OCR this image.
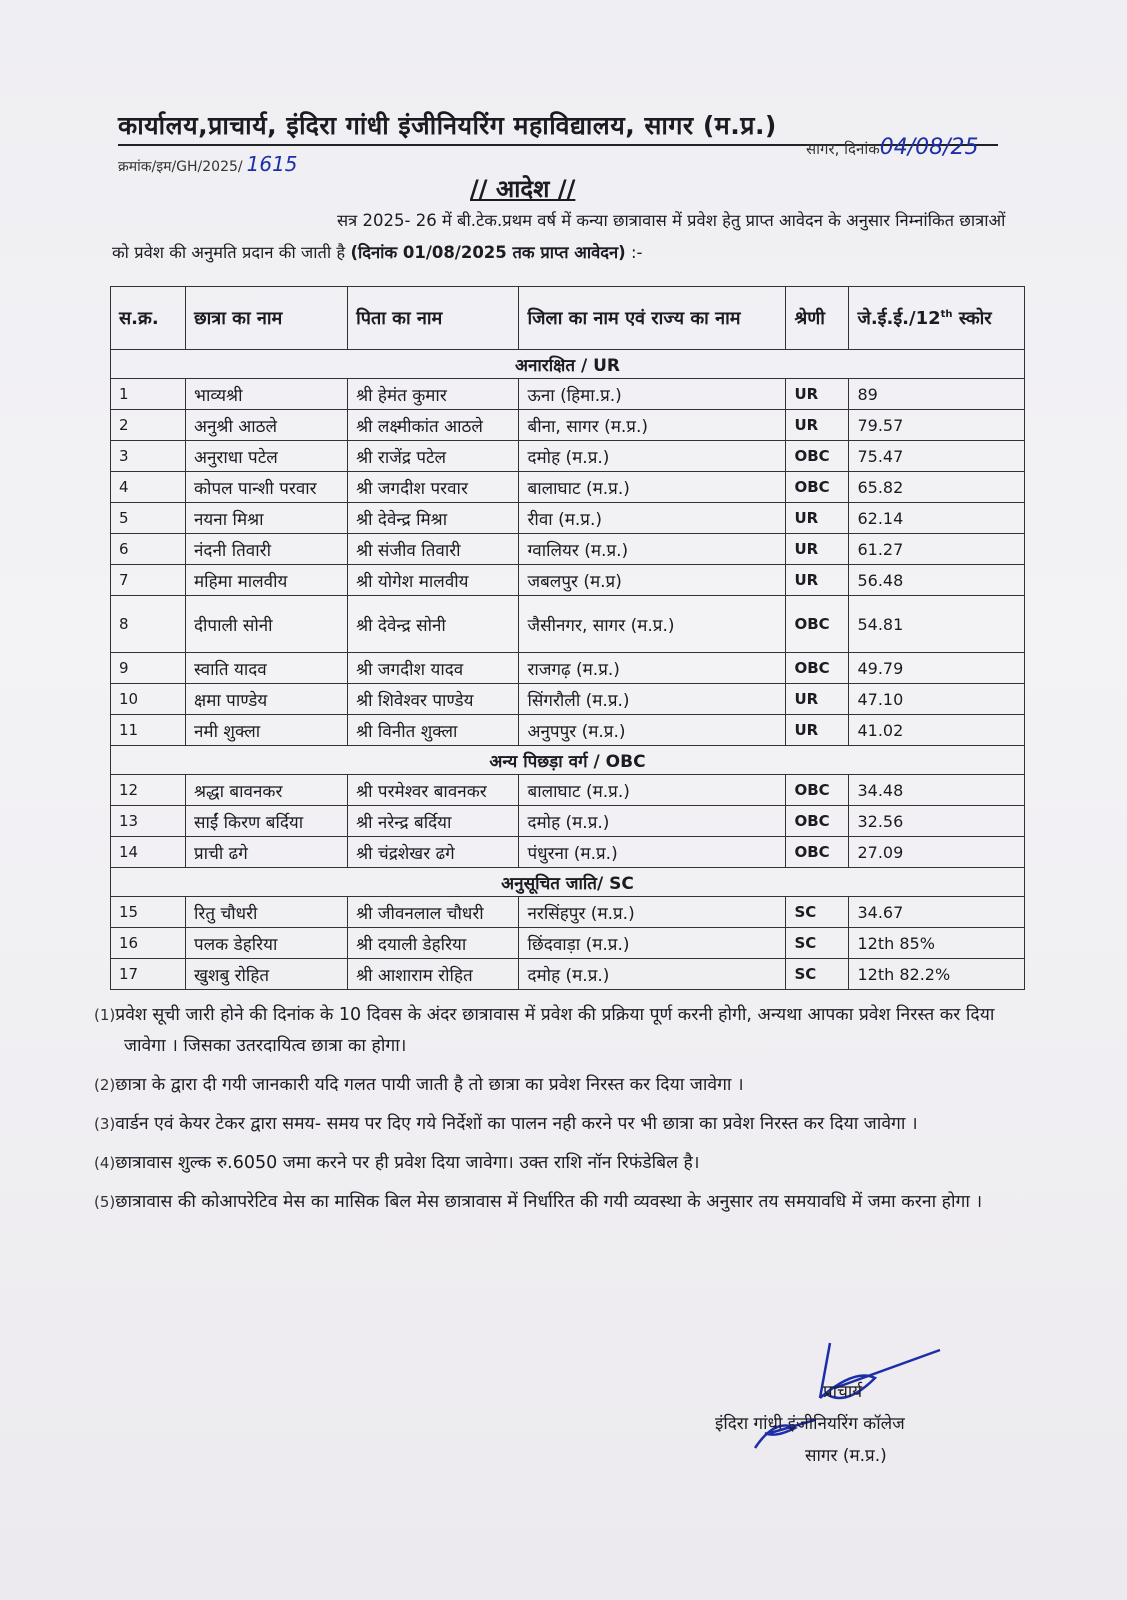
कार्यालय,प्राचार्य, इंदिरा गांधी इंजीनियरिंग महाविद्यालय, सागर (म.प्र.)
क्रमांक/इम/GH/2025/ 1615
सागर, दिनांक04/08/25
// आदेश //
सत्र 2025- 26 में बी.टेक.प्रथम वर्ष में कन्या छात्रावास में प्रवेश हेतु प्राप्त आवेदन के अनुसार निम्नांकित छात्राओं को प्रवेश की अनुमति प्रदान की जाती है (दिनांक 01/08/2025 तक प्राप्त आवेदन) :-
स.क्र.	छात्रा का नाम	पिता का नाम	जिला का नाम एवं राज्य का नाम	श्रेणी	जे.ई.ई./12th स्कोर
अनारक्षित / UR					
1	भाव्यश्री	श्री हेमंत कुमार	ऊना (हिमा.प्र.)	UR	89
2	अनुश्री आठले	श्री लक्ष्मीकांत आठले	बीना, सागर (म.प्र.)	UR	79.57
3	अनुराधा पटेल	श्री राजेंद्र पटेल	दमोह (म.प्र.)	OBC	75.47
4	कोपल पान्शी परवार	श्री जगदीश परवार	बालाघाट (म.प्र.)	OBC	65.82
5	नयना मिश्रा	श्री देवेन्द्र मिश्रा	रीवा (म.प्र.)	UR	62.14
6	नंदनी तिवारी	श्री संजीव तिवारी	ग्वालियर (म.प्र.)	UR	61.27
7	महिमा मालवीय	श्री योगेश मालवीय	जबलपुर (म.प्र)	UR	56.48
8	दीपाली सोनी	श्री देवेन्द्र सोनी	जैसीनगर, सागर (म.प्र.)	OBC	54.81
9	स्वाति यादव	श्री जगदीश यादव	राजगढ़ (म.प्र.)	OBC	49.79
10	क्षमा पाण्डेय	श्री शिवेश्वर पाण्डेय	सिंगरौली (म.प्र.)	UR	47.10
11	नमी शुक्ला	श्री विनीत शुक्ला	अनुपपुर (म.प्र.)	UR	41.02
अन्य पिछड़ा वर्ग / OBC					
12	श्रद्धा बावनकर	श्री परमेश्वर बावनकर	बालाघाट (म.प्र.)	OBC	34.48
13	साईं किरण बर्दिया	श्री नरेन्द्र बर्दिया	दमोह (म.प्र.)	OBC	32.56
14	प्राची ढगे	श्री चंद्रशेखर ढगे	पंधुरना (म.प्र.)	OBC	27.09
अनुसूचित जाति/ SC					
15	रितु चौधरी	श्री जीवनलाल चौधरी	नरसिंहपुर (म.प्र.)	SC	34.67
16	पलक डेहरिया	श्री दयाली डेहरिया	छिंदवाड़ा (म.प्र.)	SC	12th 85%
17	खुशबु रोहित	श्री आशाराम रोहित	दमोह (म.प्र.)	SC	12th 82.2%
(1)प्रवेश सूची जारी होने की दिनांक के 10 दिवस के अंदर छात्रावास में प्रवेश की प्रक्रिया पूर्ण करनी होगी, अन्यथा आपका प्रवेश निरस्त कर दिया जावेगा । जिसका उतरदायित्व छात्रा का होगा।
(2)छात्रा के द्वारा दी गयी जानकारी यदि गलत पायी जाती है तो छात्रा का प्रवेश निरस्त कर दिया जावेगा ।
(3)वार्डन एवं केयर टेकर द्वारा समय- समय पर दिए गये निर्देशों का पालन नही करने पर भी छात्रा का प्रवेश निरस्त कर दिया जावेगा ।
(4)छात्रावास शुल्क रु.6050 जमा करने पर ही प्रवेश दिया जावेगा। उक्त राशि नॉन रिफंडेबिल है।
(5)छात्रावास की कोआपरेटिव मेस का मासिक बिल मेस छात्रावास में निर्धारित की गयी व्यवस्था के अनुसार तय समयावधि में जमा करना होगा ।
प्राचार्य
इंदिरा गांधी इंजीनियरिंग कॉलेज
सागर (म.प्र.)
